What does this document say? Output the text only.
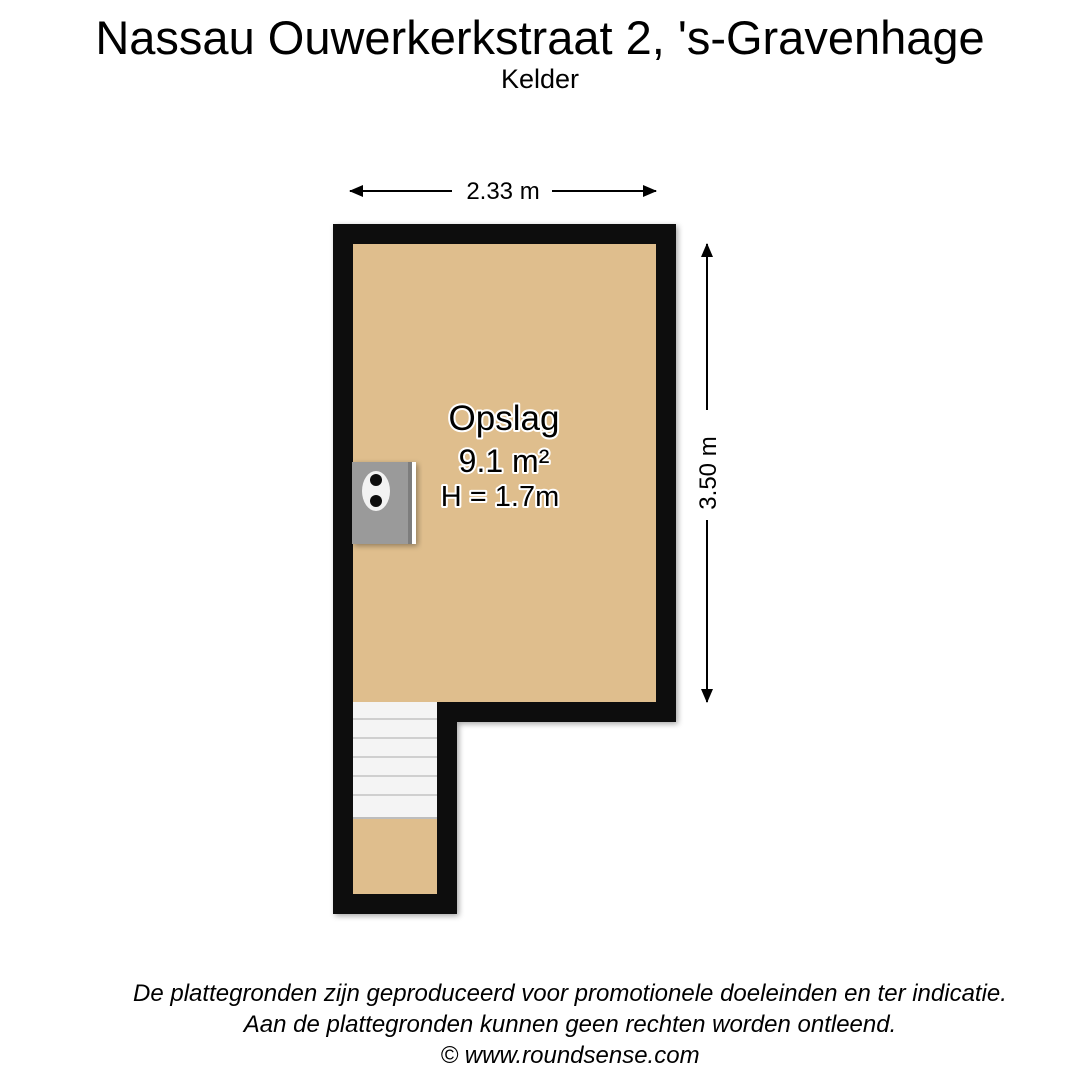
Nassau Ouwerkerkstraat 2, 's-Gravenhage
Kelder
Opslag
9.1 m²
H = 1.7m
2.33 m
3.50 m
De plattegronden zijn geproduceerd voor promotionele doeleinden en ter indicatie.
Aan de plattegronden kunnen geen rechten worden ontleend.
© www.roundsense.com
